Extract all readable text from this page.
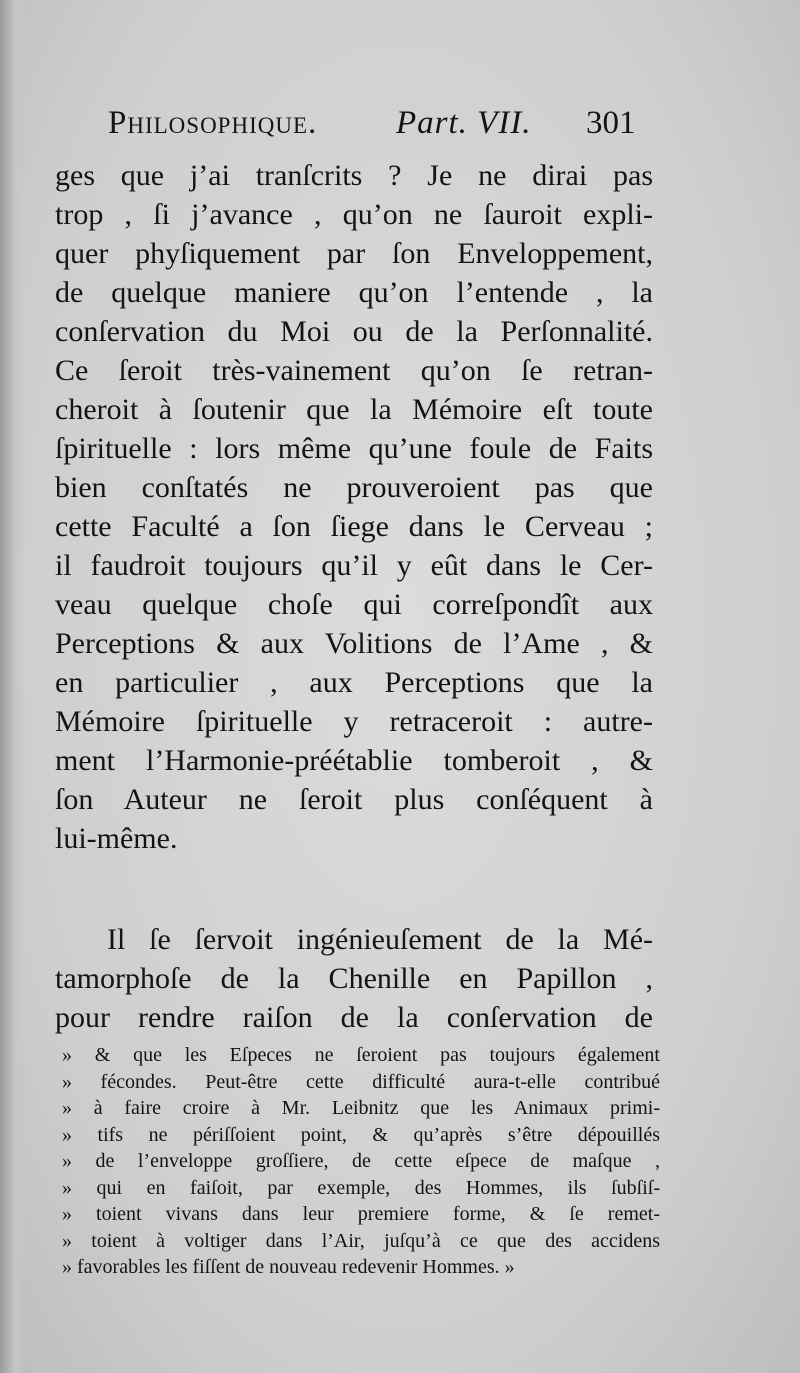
Philosophique. Part. VII. 301
ges que j’ai tranſcrits ? Je ne dirai pas
trop , ſi j’avance , qu’on ne ſauroit expli-
quer phyſiquement par ſon Enveloppement,
de quelque maniere qu’on l’entende , la
conſervation du Moi ou de la Perſonnalité.
Ce ſeroit très-vainement qu’on ſe retran-
cheroit à ſoutenir que la Mémoire eſt toute
ſpirituelle : lors même qu’une foule de Faits
bien conſtatés ne prouveroient pas que
cette Faculté a ſon ſiege dans le Cerveau ;
il faudroit toujours qu’il y eût dans le Cer-
veau quelque choſe qui correſpondît aux
Perceptions & aux Volitions de l’Ame , &
en particulier , aux Perceptions que la
Mémoire ſpirituelle y retraceroit : autre-
ment l’Harmonie-préétablie tomberoit , &
ſon Auteur ne ſeroit plus conſéquent à
lui-même.
Il ſe ſervoit ingénieuſement de la Mé-
tamorphoſe de la Chenille en Papillon ,
pour rendre raiſon de la conſervation de
» & que les Eſpeces ne ſeroient pas toujours également
» fécondes. Peut-être cette difficulté aura-t-elle contribué
» à faire croire à Mr. Leibnitz que les Animaux primi-
» tifs ne périſſoient point, & qu’après s’être dépouillés
» de l’enveloppe groſſiere, de cette eſpece de maſque ,
» qui en faiſoit, par exemple, des Hommes, ils ſubſiſ-
» toient vivans dans leur premiere forme, & ſe remet-
» toient à voltiger dans l’Air, juſqu’à ce que des accidens
» favorables les fiſſent de nouveau redevenir Hommes. »
